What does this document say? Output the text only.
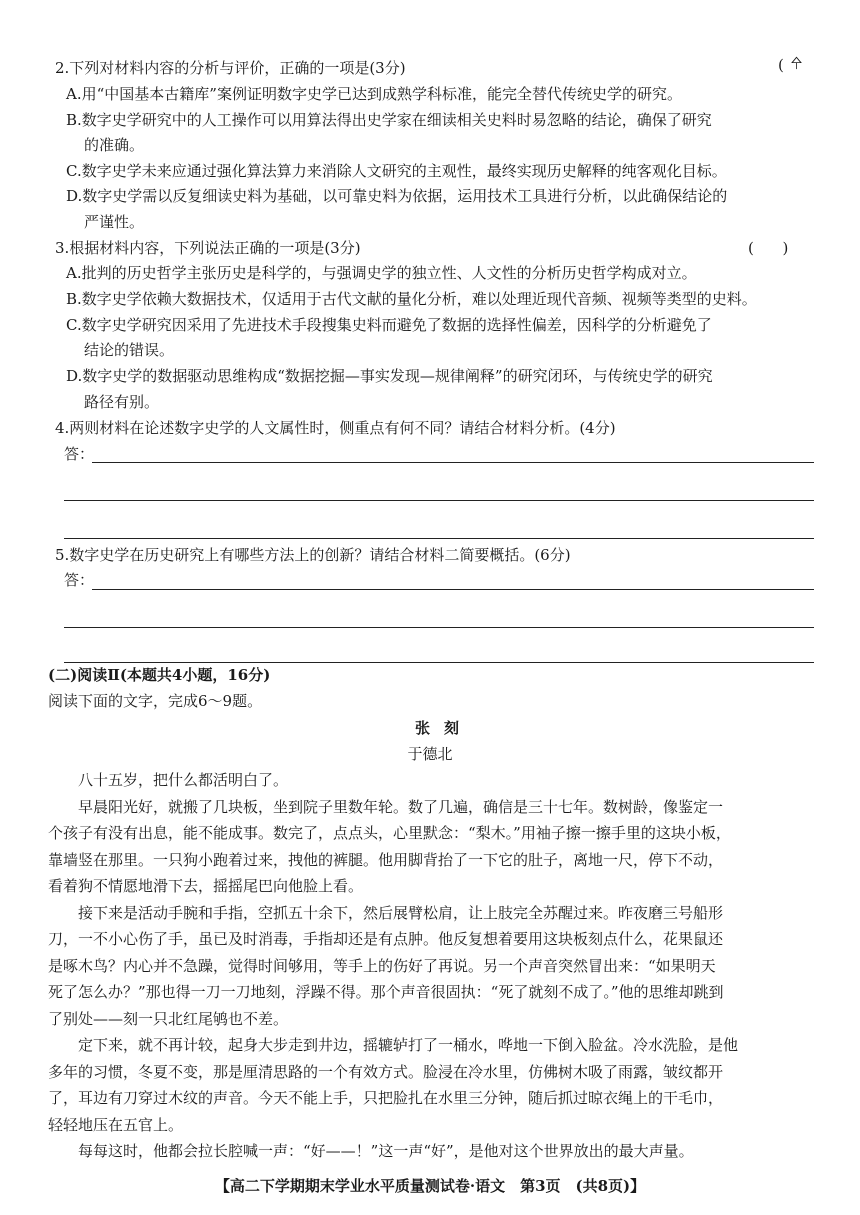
2.下列对材料内容的分析与评价，正确的一项是(3分)	( 㐃
A.用“中国基本古籍库”案例证明数字史学已达到成熟学科标准，能完全替代传统史学的研究。
B.数字史学研究中的人工操作可以用算法得出史学家在细读相关史料时易忽略的结论，确保了研究
的准确。
C.数字史学未来应通过强化算法算力来消除人文研究的主观性，最终实现历史解释的纯客观化目标。
D.数字史学需以反复细读史料为基础，以可靠史料为依据，运用技术工具进行分析，以此确保结论的
严谨性。
3.根据材料内容，下列说法正确的一项是(3分)	(      )
A.批判的历史哲学主张历史是科学的，与强调史学的独立性、人文性的分析历史哲学构成对立。
B.数字史学依赖大数据技术，仅适用于古代文献的量化分析，难以处理近现代音频、视频等类型的史料。
C.数字史学研究因采用了先进技术手段搜集史料而避免了数据的选择性偏差，因科学的分析避免了
结论的错误。
D.数字史学的数据驱动思维构成“数据挖掘—事实发现—规律阐释”的研究闭环，与传统史学的研究
路径有别。
4.两则材料在论述数字史学的人文属性时，侧重点有何不同？请结合材料分析。(4分)
答：
5.数字史学在历史研究上有哪些方法上的创新？请结合材料二简要概括。(6分)
答：
(二)阅读Ⅱ(本题共4小题，16分)
阅读下面的文字，完成6～9题。
张刻
于德北
八十五岁，把什么都活明白了。
早晨阳光好，就搬了几块板，坐到院子里数年轮。数了几遍，确信是三十七年。数树龄，像鉴定一
个孩子有没有出息，能不能成事。数完了，点点头，心里默念：“梨木。”用袖子擦一擦手里的这块小板，
靠墙竖在那里。一只狗小跑着过来，拽他的裤腿。他用脚背抬了一下它的肚子，离地一尺，停下不动，
看着狗不情愿地滑下去，摇摇尾巴向他脸上看。
接下来是活动手腕和手指，空抓五十余下，然后展臂松肩，让上肢完全苏醒过来。昨夜磨三号船形
刀，一不小心伤了手，虽已及时消毒，手指却还是有点肿。他反复想着要用这块板刻点什么，花果鼠还
是啄木鸟？内心并不急躁，觉得时间够用，等手上的伤好了再说。另一个声音突然冒出来：“如果明天
死了怎么办？”那也得一刀一刀地刻，浮躁不得。那个声音很固执：“死了就刻不成了。”他的思维却跳到
了别处——刻一只北红尾鸲也不差。
定下来，就不再计较，起身大步走到井边，摇辘轳打了一桶水，哗地一下倒入脸盆。冷水洗脸，是他
多年的习惯，冬夏不变，那是厘清思路的一个有效方式。脸浸在冷水里，仿佛树木吸了雨露，皱纹都开
了，耳边有刀穿过木纹的声音。今天不能上手，只把脸扎在水里三分钟，随后抓过晾衣绳上的干毛巾，
轻轻地压在五官上。
每每这时，他都会拉长腔喊一声：“好——！”这一声“好”，是他对这个世界放出的最大声量。
【高二下学期期末学业水平质量测试卷·语文　第3页　(共8页)】
